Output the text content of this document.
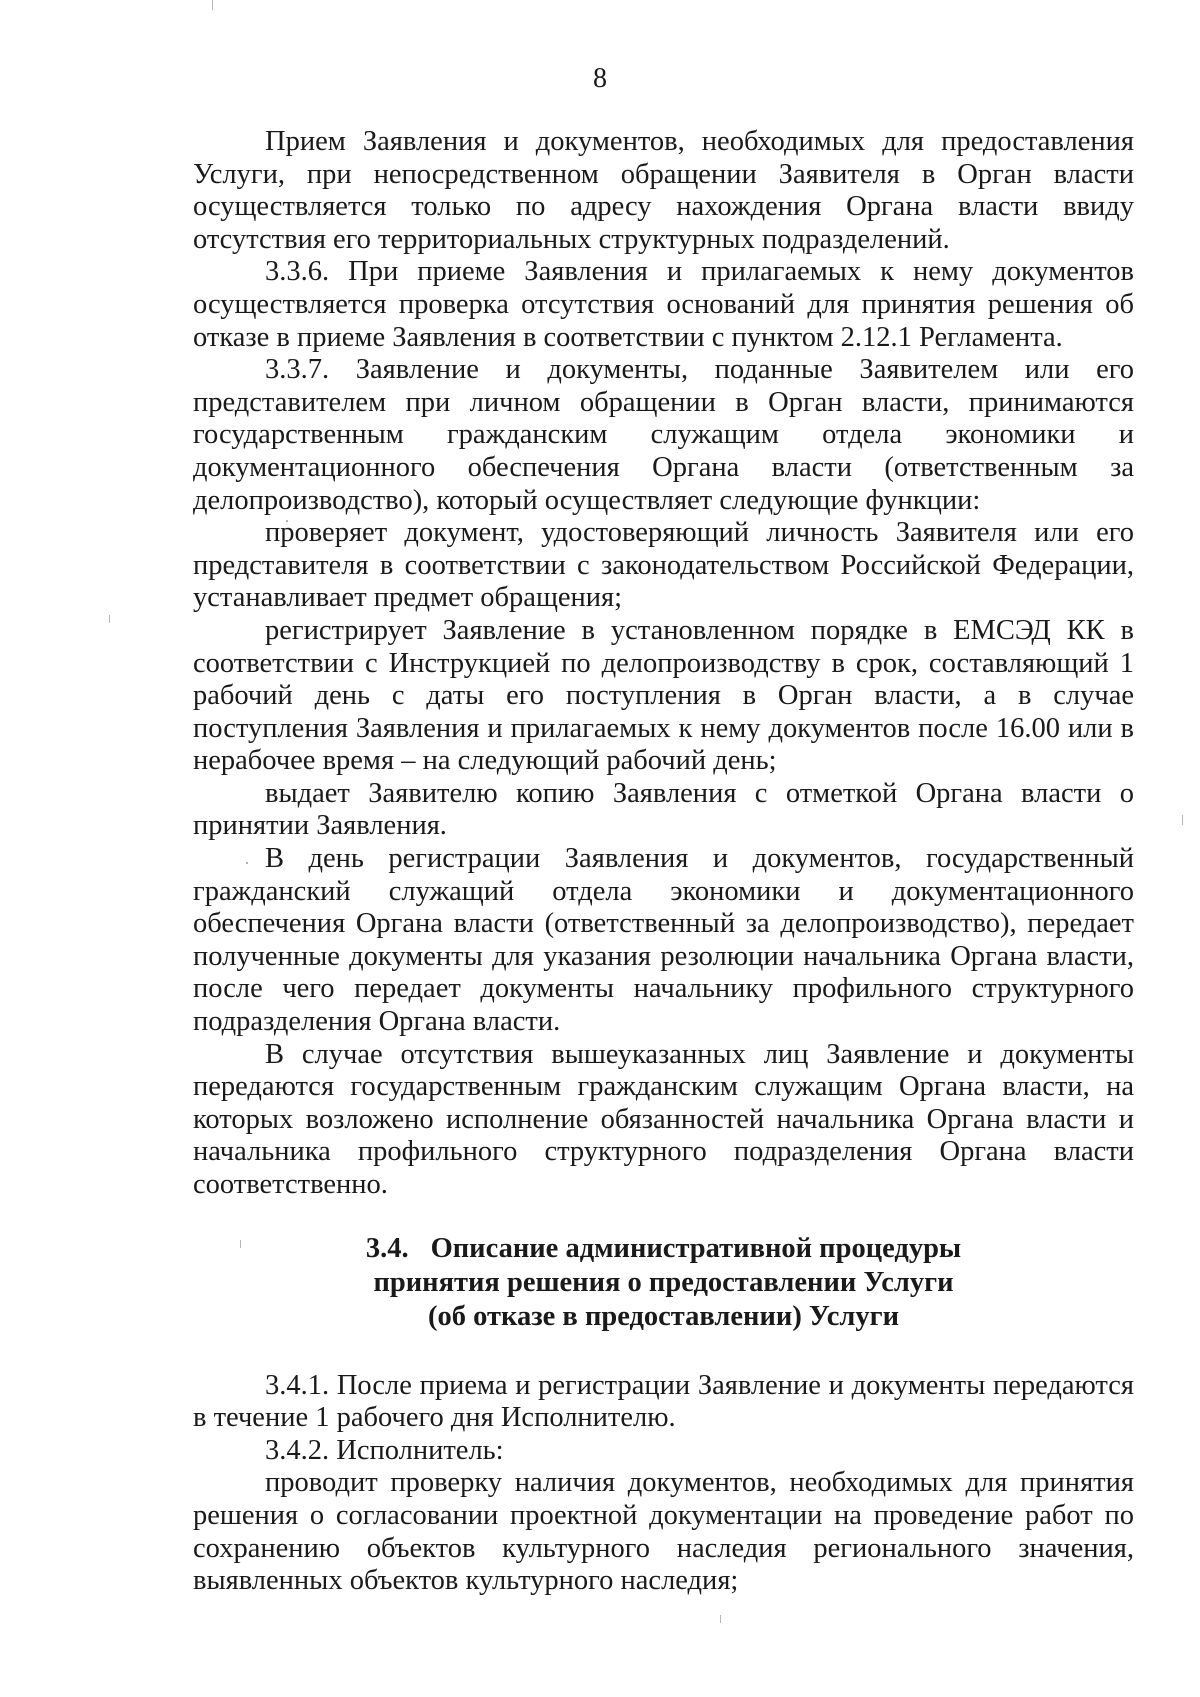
8

Прием Заявления и документов, необходимых для предоставления Услуги, при непосредственном обращении Заявителя в Орган власти осуществляется только по адресу нахождения Органа власти ввиду отсутствия его территориальных структурных подразделений.

3.3.6. При приеме Заявления и прилагаемых к нему документов осуществляется проверка отсутствия оснований для принятия решения об отказе в приеме Заявления в соответствии с пунктом 2.12.1 Регламента.

3.3.7. Заявление и документы, поданные Заявителем или его представителем при личном обращении в Орган власти, принимаются государственным гражданским служащим отдела экономики и документационного обеспечения Органа власти (ответственным за делопроизводство), который осуществляет следующие функции:

проверяет документ, удостоверяющий личность Заявителя или его представителя в соответствии с законодательством Российской Федерации, устанавливает предмет обращения;

регистрирует Заявление в установленном порядке в ЕМСЭД КК в соответствии с Инструкцией по делопроизводству в срок, составляющий 1 рабочий день с даты его поступления в Орган власти, а в случае поступления Заявления и прилагаемых к нему документов после 16.00 или в нерабочее время – на следующий рабочий день;

выдает Заявителю копию Заявления с отметкой Органа власти о принятии Заявления.

В день регистрации Заявления и документов, государственный гражданский служащий отдела экономики и документационного обеспечения Органа власти (ответственный за делопроизводство), передает полученные документы для указания резолюции начальника Органа власти, после чего передает документы начальнику профильного структурного подразделения Органа власти.

В случае отсутствия вышеуказанных лиц Заявление и документы передаются государственным гражданским служащим Органа власти, на которых возложено исполнение обязанностей начальника Органа власти и начальника профильного структурного подразделения Органа власти соответственно.

3.4. Описание административной процедуры
принятия решения о предоставлении Услуги
(об отказе в предоставлении) Услуги

3.4.1. После приема и регистрации Заявление и документы передаются в течение 1 рабочего дня Исполнителю.

3.4.2. Исполнитель:

проводит проверку наличия документов, необходимых для принятия решения о согласовании проектной документации на проведение работ по сохранению объектов культурного наследия регионального значения, выявленных объектов культурного наследия;
